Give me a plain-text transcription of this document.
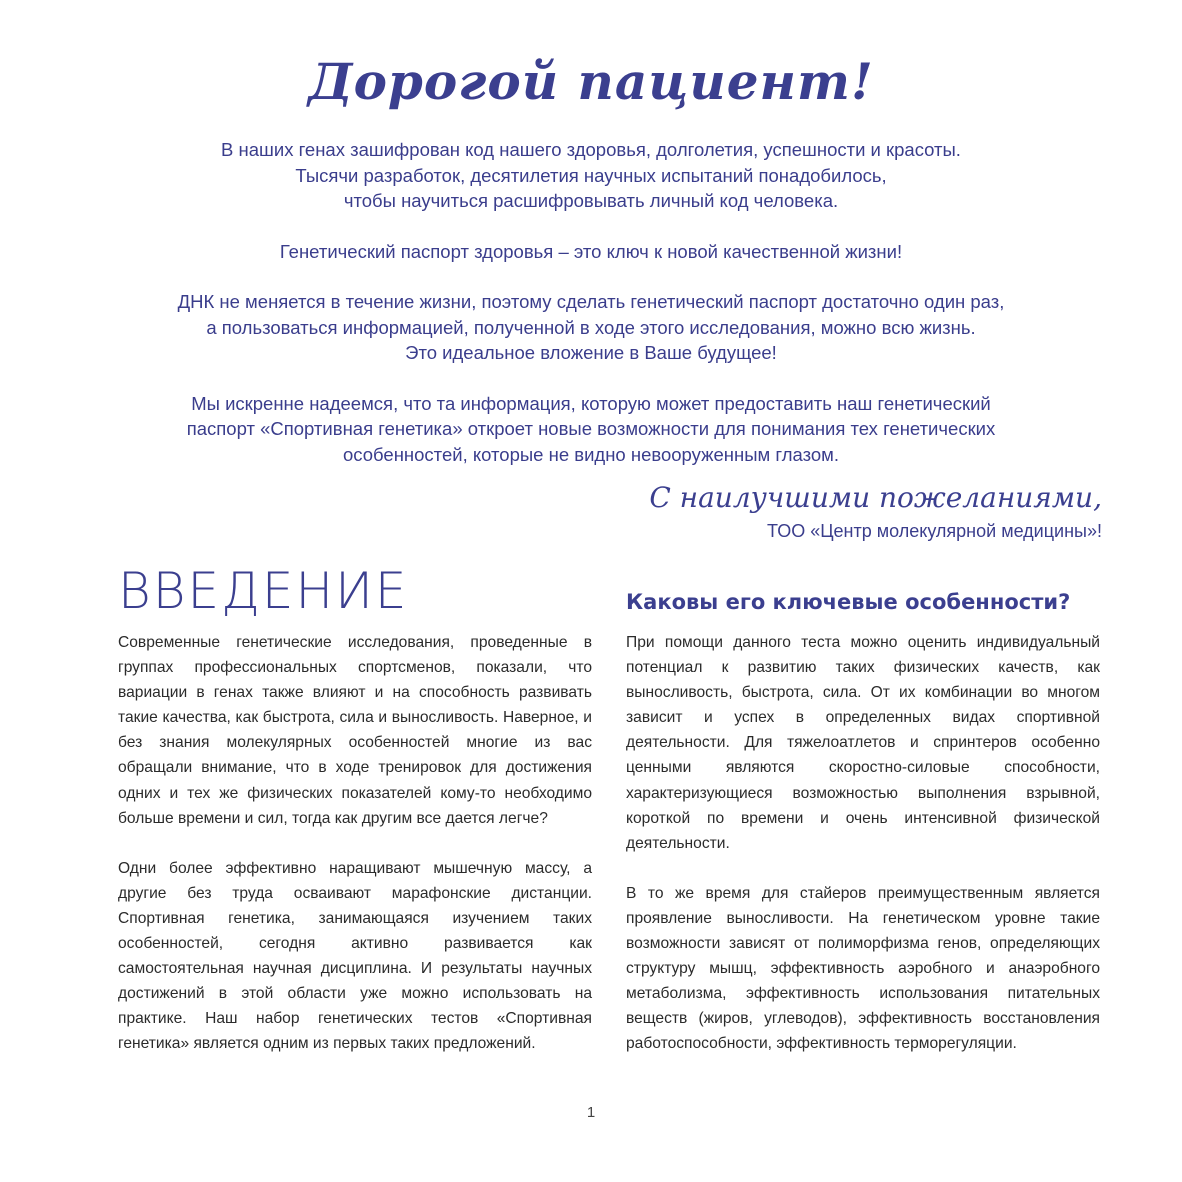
Дорогой пациент!

В наших генах зашифрован код нашего здоровья, долголетия, успешности и красоты.
Тысячи разработок, десятилетия научных испытаний понадобилось,
чтобы научиться расшифровывать личный код человека.

Генетический паспорт здоровья – это ключ к новой качественной жизни!

ДНК не меняется в течение жизни, поэтому сделать генетический паспорт достаточно один раз,
а пользоваться информацией, полученной в ходе этого исследования, можно всю жизнь.
Это идеальное вложение в Ваше будущее!

Мы искренне надеемся, что та информация, которую может предоставить наш генетический
паспорт «Спортивная генетика» откроет новые возможности для понимания тех генетических
особенностей, которые не видно невооруженным глазом.

С наилучшими пожеланиями,
ТОО «Центр молекулярной медицины»!
ВВЕДЕНИЕ	Каковы его ключевые особенности?

Современные генетические исследования, проведенные в группах профессиональных спортсменов, показали, что вариации в генах также влияют и на способность развивать такие качества, как быстрота, сила и выносливость. Наверное, и без знания молекулярных особенностей многие из вас обращали внимание, что в ходе тренировок для достижения одних и тех же физических показателей кому-то необходимо больше времени и сил, тогда как другим все дается легче?

Одни более эффективно наращивают мышечную массу, а другие без труда осваивают марафонские дистанции. Спортивная генетика, занимающаяся изучением таких особенностей, сегодня активно развивается как самостоятельная научная дисциплина. И результаты научных достижений в этой области уже можно использовать на практике. Наш набор генетических тестов «Спортивная генетика» является одним из первых таких предложений.

При помощи данного теста можно оценить индивидуальный потенциал к развитию таких физических качеств, как выносливость, быстрота, сила. От их комбинации во многом зависит и успех в определенных видах спортивной деятельности. Для тяжелоатлетов и спринтеров особенно ценными являются скоростно-силовые способности, характеризующиеся возможностью выполнения взрывной, короткой по времени и очень интенсивной физической деятельности.

В то же время для стайеров преимущественным является проявление выносливости. На генетическом уровне такие возможности зависят от полиморфизма генов, определяющих структуру мышц, эффективность аэробного и анаэробного метаболизма, эффективность использования питательных веществ (жиров, углеводов), эффективность восстановления работоспособности, эффективность терморегуляции.

1
